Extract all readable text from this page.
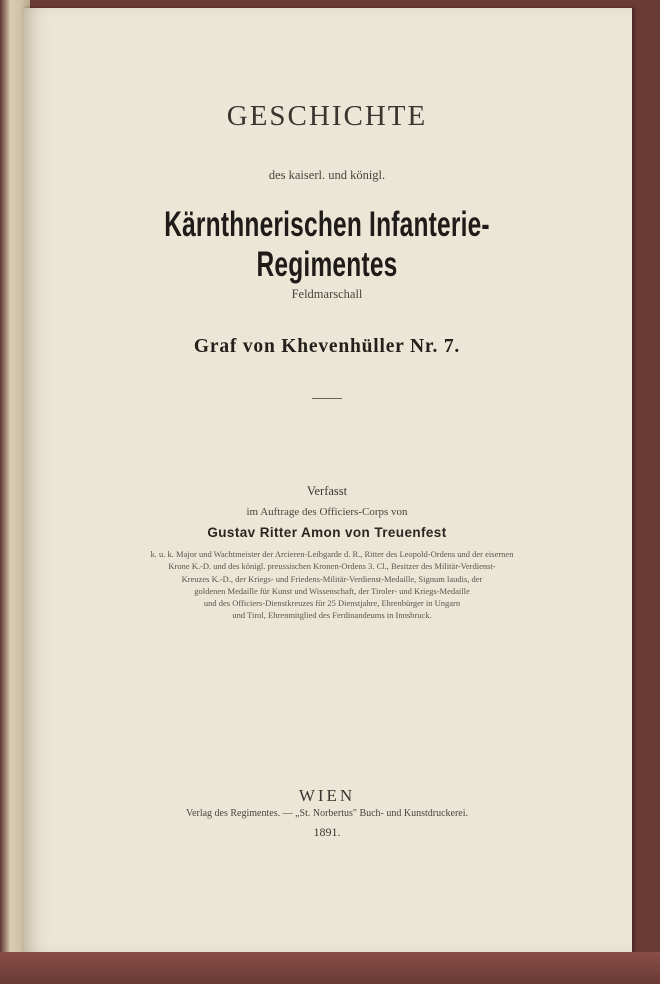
GESCHICHTE
des kaiserl. und königl.
Kärnthnerischen Infanterie-Regimentes
Feldmarschall
Graf von Khevenhüller Nr. 7.
Verfasst
im Auftrage des Officiers-Corps von
Gustav Ritter Amon von Treuenfest
k. u. k. Major und Wachtmeister der Arcieren-Leibgarde d. R., Ritter des Leopold-Ordens und der eisernen
Krone K.-D. und des königl. preussischen Kronen-Ordens 3. Cl., Besitzer des Militär-Verdienst-
Kreuzes K.-D., der Kriegs- und Friedens-Militär-Verdienst-Medaille, Signum laudis, der
goldenen Medaille für Kunst und Wissenschaft, der Tiroler- und Kriegs-Medaille
und des Officiers-Dienstkreuzes für 25 Dienstjahre, Ehrenbürger in Ungarn
und Tirol, Ehrenmitglied des Ferdinandeums in Innsbruck.
WIEN
Verlag des Regimentes. — „St. Norbertus" Buch- und Kunstdruckerei.
1891.
